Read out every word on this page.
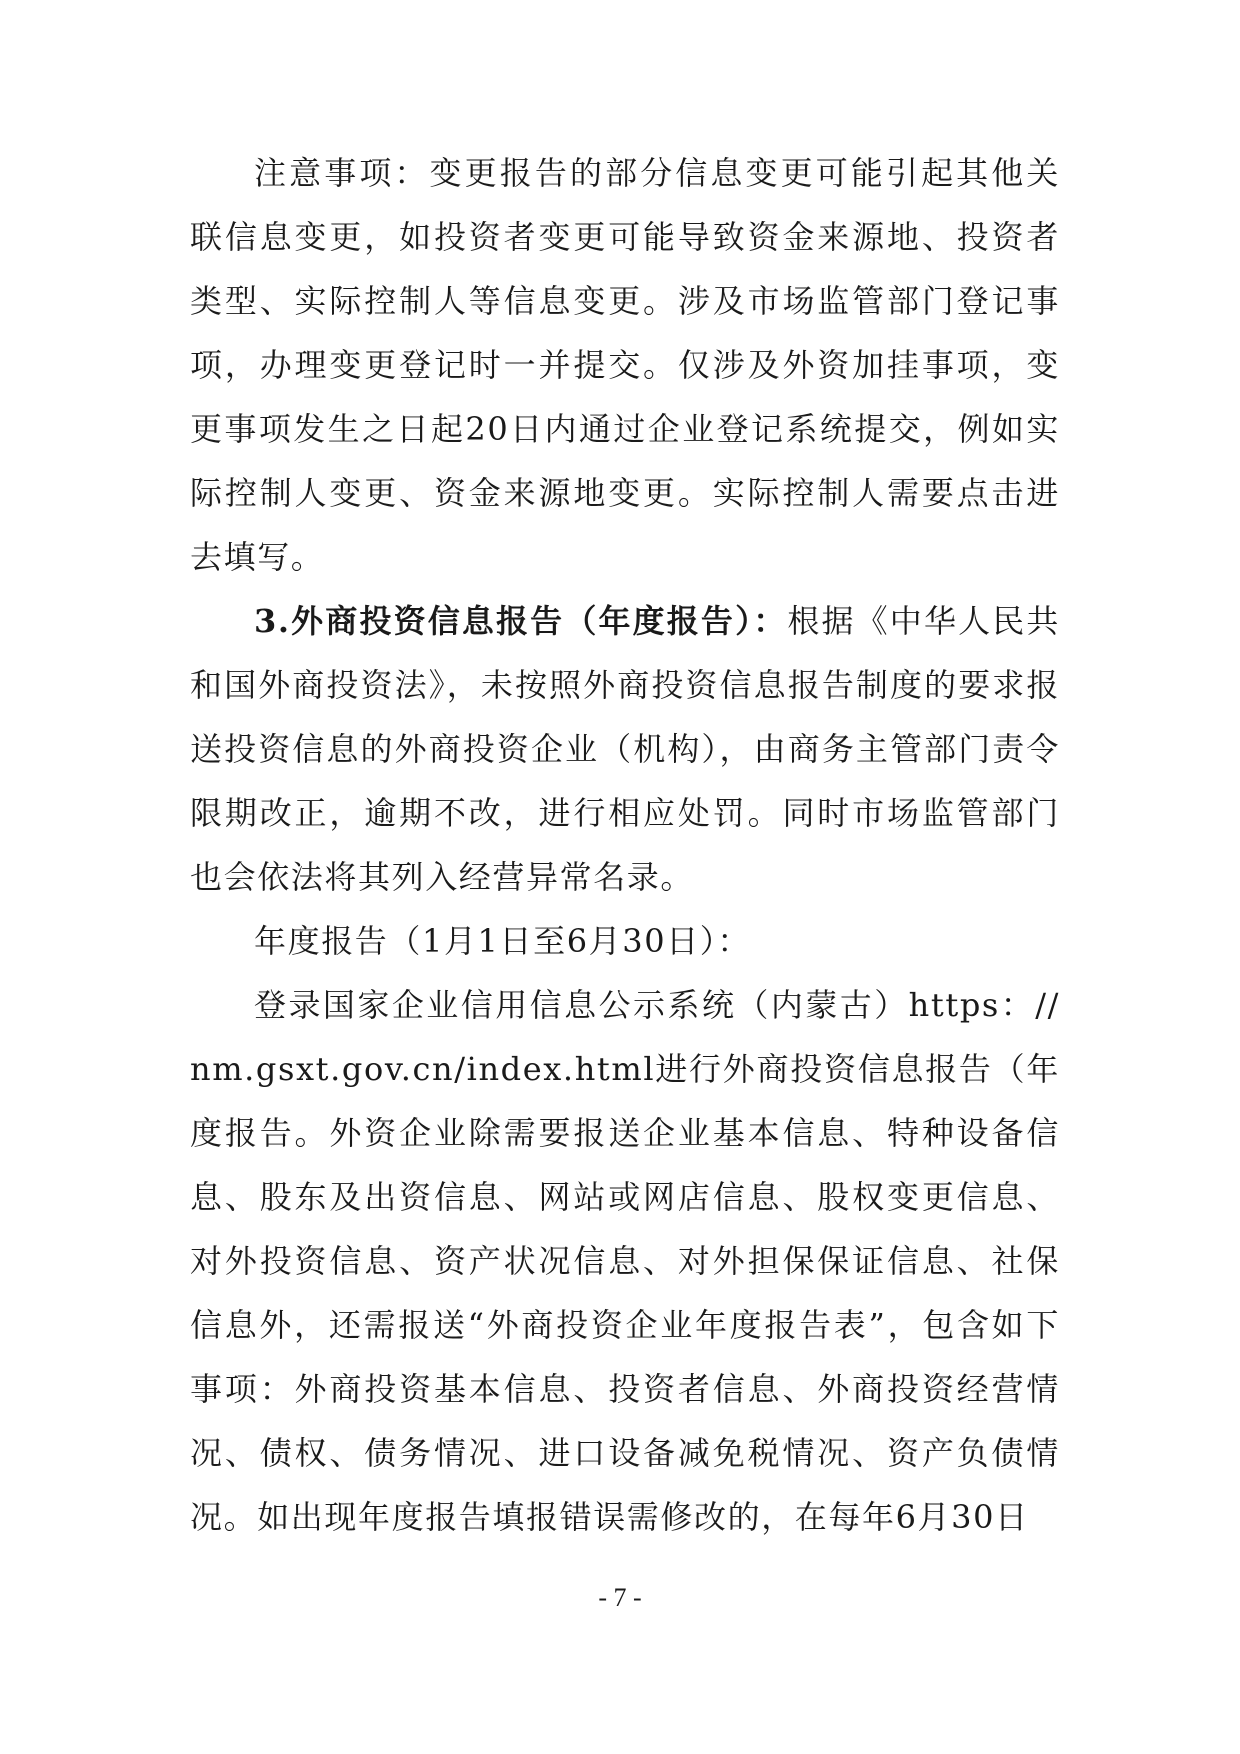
注意事项：变更报告的部分信息变更可能引起其他关联信息变更，如投资者变更可能导致资金来源地、投资者类型、实际控制人等信息变更。涉及市场监管部门登记事项，办理变更登记时一并提交。仅涉及外资加挂事项，变更事项发生之日起20日内通过企业登记系统提交，例如实际控制人变更、资金来源地变更。实际控制人需要点击进去填写。

3.外商投资信息报告（年度报告）：根据《中华人民共和国外商投资法》，未按照外商投资信息报告制度的要求报送投资信息的外商投资企业（机构），由商务主管部门责令限期改正，逾期不改，进行相应处罚。同时市场监管部门也会依法将其列入经营异常名录。

年度报告（1月1日至6月30日）：

登录国家企业信用信息公示系统（内蒙古）https：//nm.gsxt.gov.cn/index.html进行外商投资信息报告（年度报告。外资企业除需要报送企业基本信息、特种设备信息、股东及出资信息、网站或网店信息、股权变更信息、对外投资信息、资产状况信息、对外担保保证信息、社保信息外，还需报送“外商投资企业年度报告表”，包含如下事项：外商投资基本信息、投资者信息、外商投资经营情况、债权、债务情况、进口设备减免税情况、资产负债情况。如出现年度报告填报错误需修改的，在每年6月30日

- 7 -
